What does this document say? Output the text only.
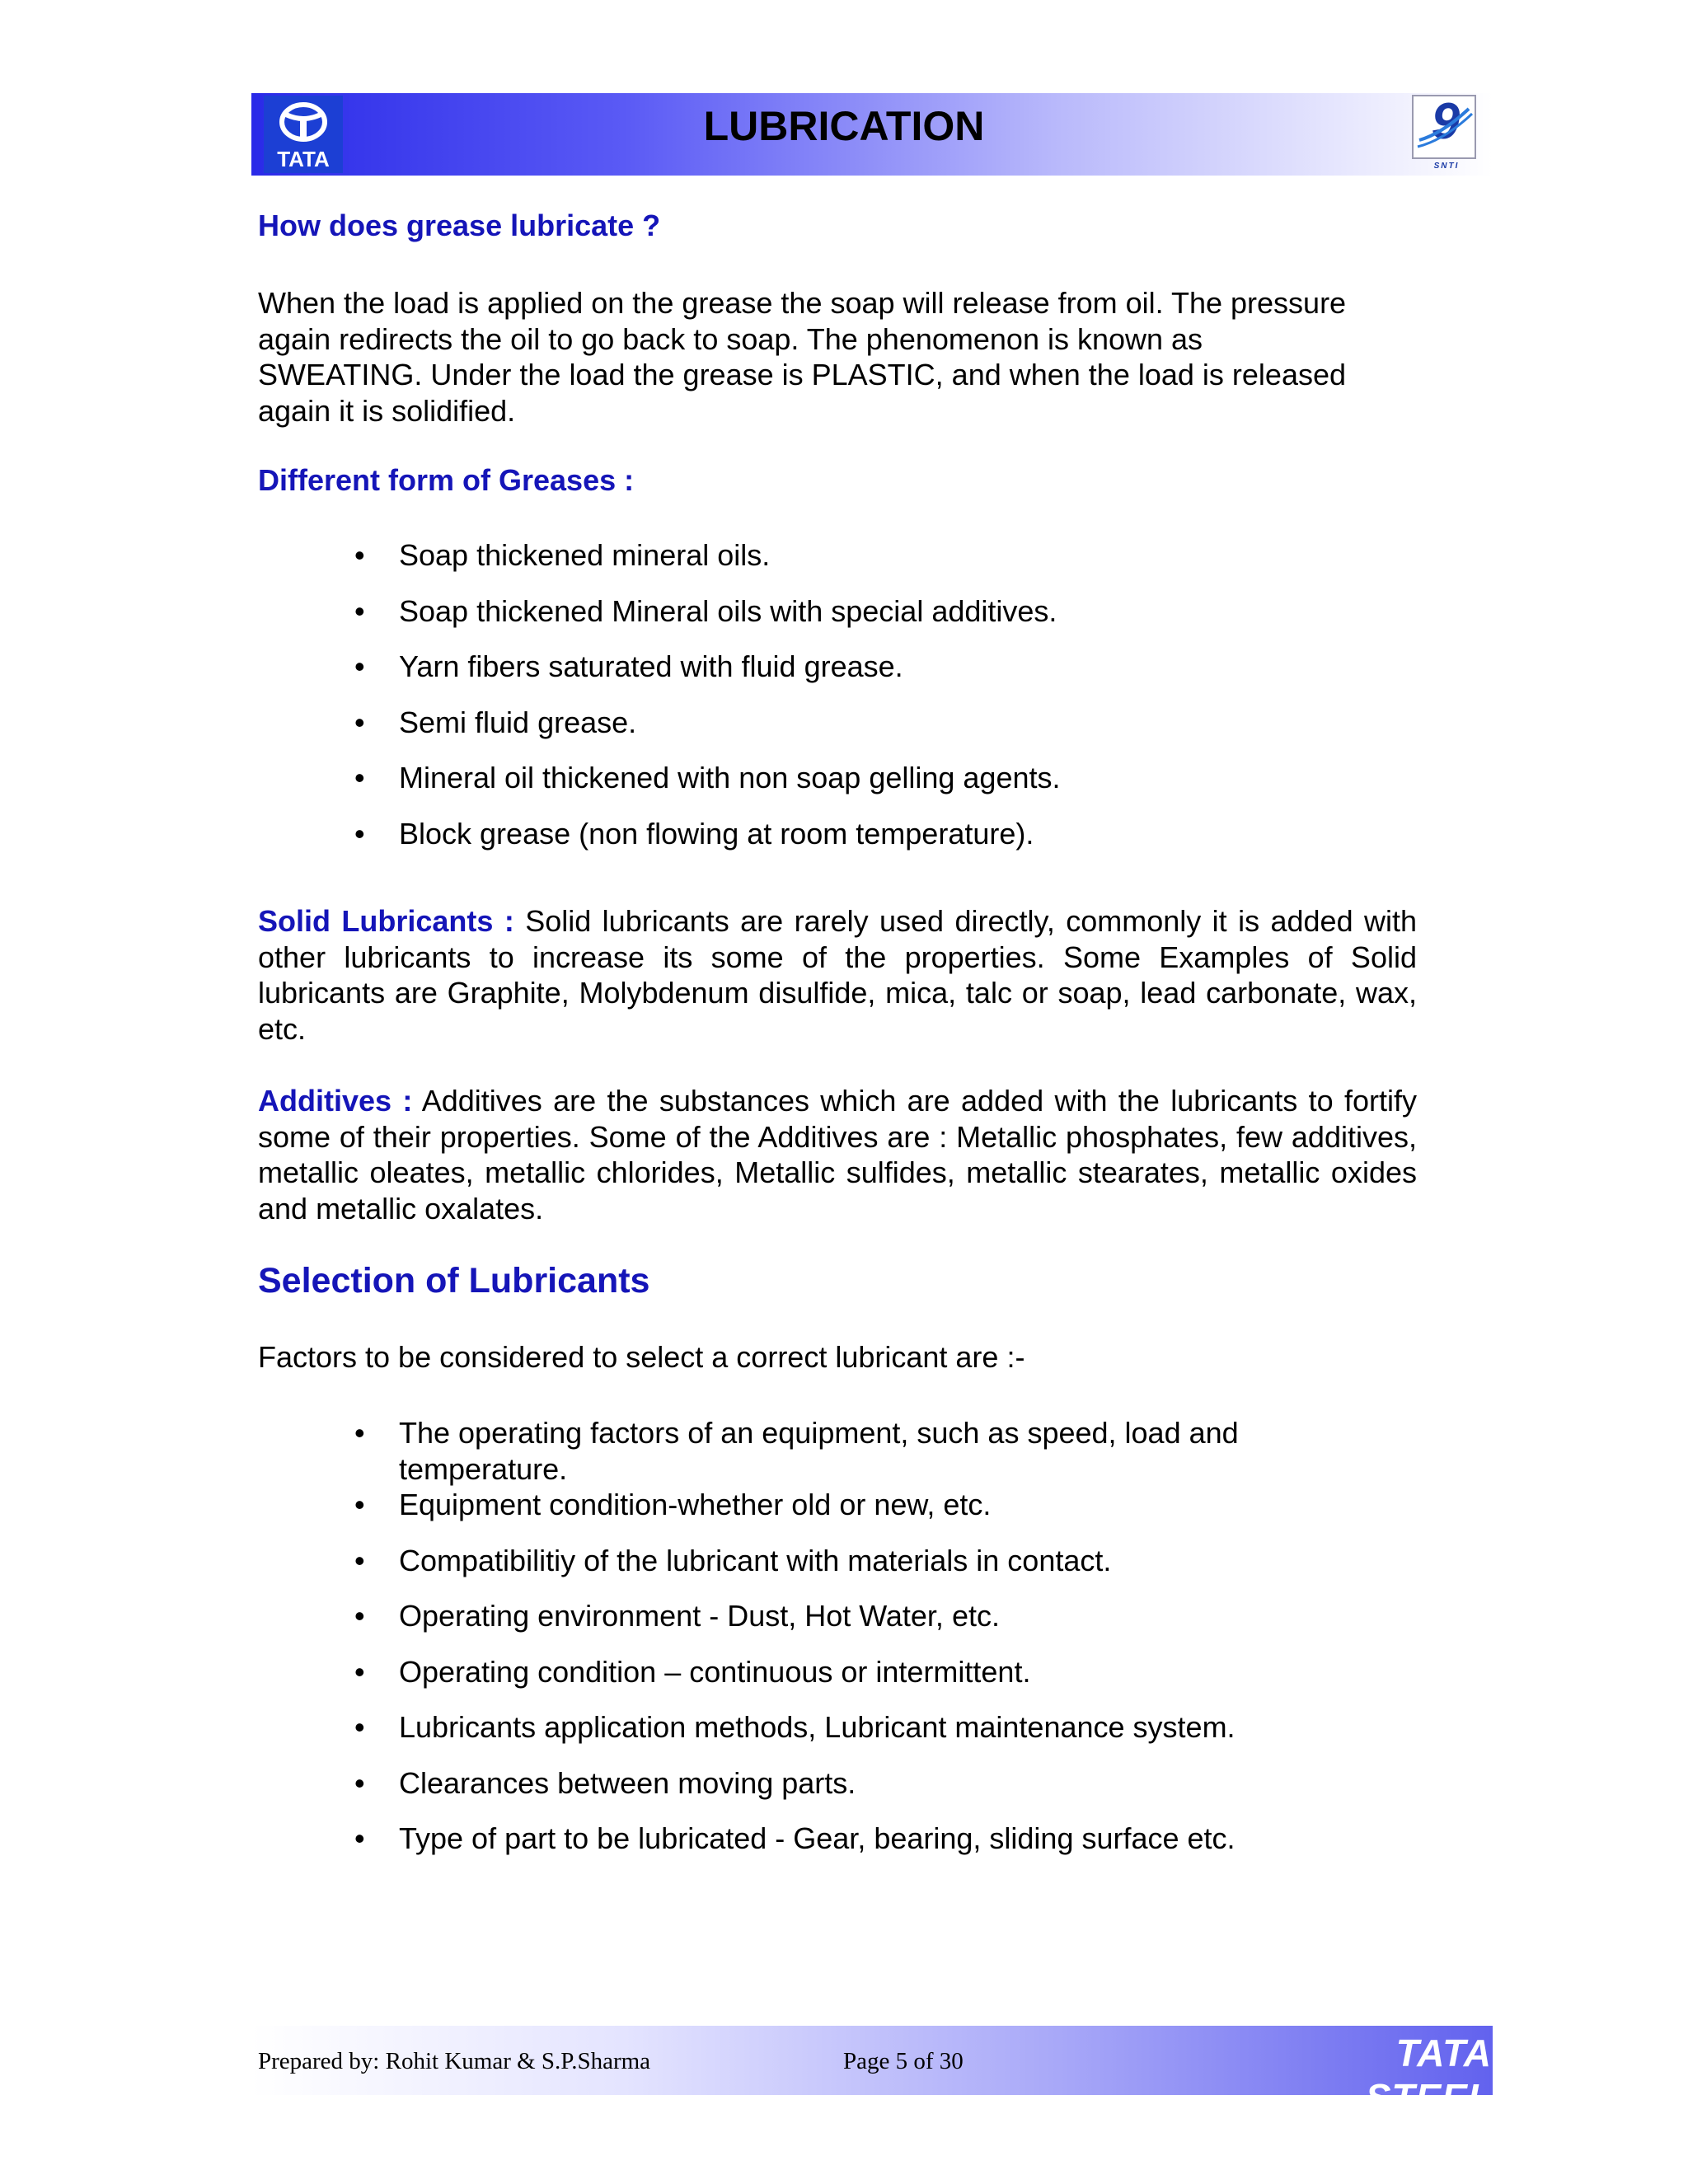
TATA
LUBRICATION	9
SNTI
How does grease lubricate ?
When the load is applied on the grease the soap will release from oil. The pressure
again redirects the oil to go back to soap. The phenomenon is known as
SWEATING. Under the load the grease is PLASTIC, and when the load is released
again it is solidified.
Different form of Greases :
• Soap thickened mineral oils.
• Soap thickened Mineral oils with special additives.
• Yarn fibers saturated with fluid grease.
• Semi fluid grease.
• Mineral oil thickened with non soap gelling agents.
• Block grease (non flowing at room temperature).
Solid Lubricants : Solid lubricants are rarely used directly, commonly it is added with other lubricants to increase its some of the properties. Some Examples of Solid lubricants are Graphite, Molybdenum disulfide, mica, talc or soap, lead carbonate, wax, etc.
Additives : Additives are the substances which are added with the lubricants to fortify some of their properties. Some of the Additives are : Metallic phosphates, few additives, metallic oleates, metallic chlorides, Metallic sulfides, metallic stearates, metallic oxides and metallic oxalates.
Selection of Lubricants
Factors to be considered to select a correct lubricant are :-
• The operating factors of an equipment, such as speed, load and temperature.
• Equipment condition-whether old or new, etc.
• Compatibilitiy of the lubricant with materials in contact.
• Operating environment - Dust, Hot Water, etc.
• Operating condition – continuous or intermittent.
• Lubricants application methods, Lubricant maintenance system.
• Clearances between moving parts.
• Type of part to be lubricated - Gear, bearing, sliding surface etc.
Prepared by: Rohit Kumar & S.P.Sharma	Page 5 of 30	TATA STEEL
